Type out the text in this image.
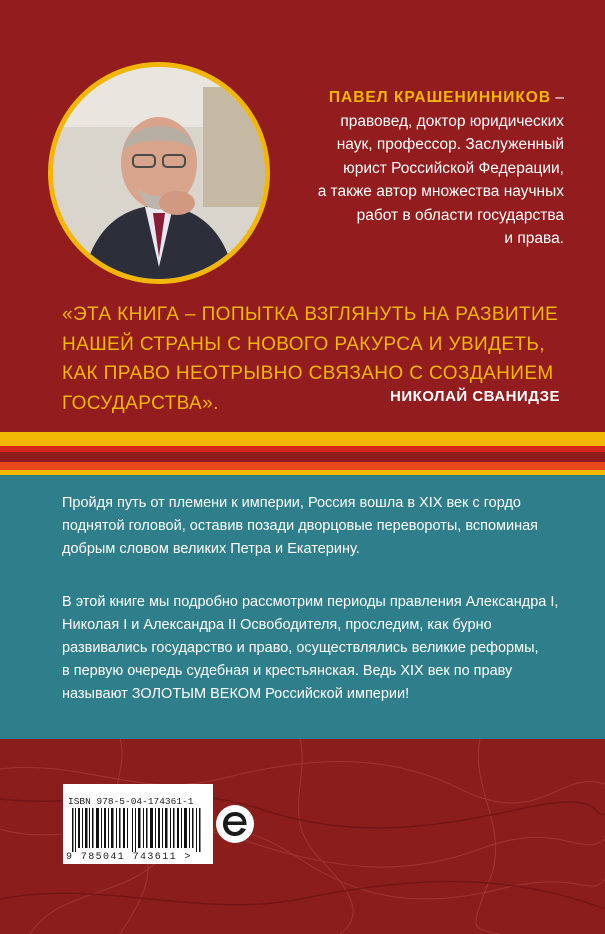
ПАВЕЛ КРАШЕНИННИКОВ –
правовед, доктор юридических
наук, профессор. Заслуженный
юрист Российской Федерации,
а также автор множества научных
работ в области государства
и права.
«ЭТА КНИГА – ПОПЫТКА ВЗГЛЯНУТЬ НА РАЗВИТИЕ
НАШЕЙ СТРАНЫ С НОВОГО РАКУРСА И УВИДЕТЬ,
КАК ПРАВО НЕОТРЫВНО СВЯЗАНО С СОЗДАНИЕМ
ГОСУДАРСТВА».	НИКОЛАЙ СВАНИДЗЕ
Пройдя путь от племени к империи, Россия вошла в XIX век с гордо
поднятой головой, оставив позади дворцовые перевороты, вспоминая
добрым словом великих Петра и Екатерину.
В этой книге мы подробно рассмотрим периоды правления Александра I,
Николая I и Александра II Освободителя, проследим, как бурно
развивались государство и право, осуществлялись великие реформы,
в первую очередь судебная и крестьянская. Ведь XIX век по праву
называют ЗОЛОТЫМ ВЕКОМ Российской империи!
ISBN 978-5-04-174361-1
9 785041 743611 >
